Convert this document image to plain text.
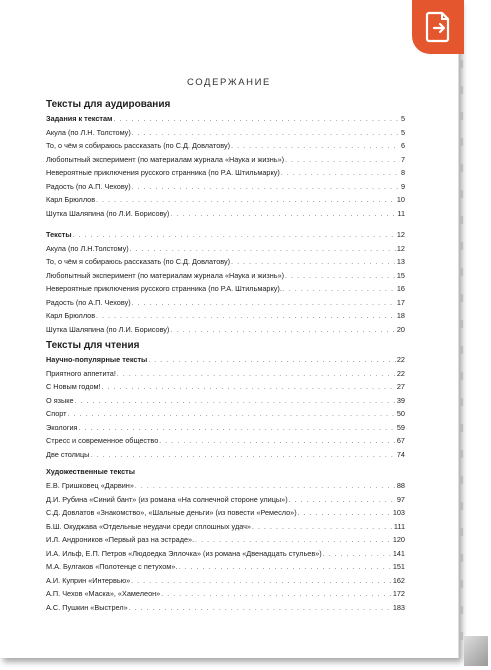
СОДЕРЖАНИЕ
Тексты для аудирования
Задания к текстам . . .	5
Акула (по Л.Н. Толстому) . . .	5
То, о чём я собираюсь рассказать (по С.Д. Довлатову) . . .	6
Любопытный эксперимент (по материалам журнала «Наука и жизнь») . . .	7
Невероятные приключения русского странника (по Р.А. Штильмарку) . . .	8
Радость (по А.П. Чехову) . . .	9
Карл Брюллов . . .	10
Шутка Шаляпина (по Л.И. Борисову) . . .	11
Тексты . . .	12
Акула (по Л.Н.Толстому) . . .	12
То, о чём я собираюсь рассказать (по С.Д. Довлатову) . . .	13
Любопытный эксперимент (по материалам журнала «Наука и жизнь») . . .	15
Невероятные приключения русского странника (по Р.А. Штильмарку). . . .	16
Радость (по А.П. Чехову) . . .	17
Карл Брюллов . . .	18
Шутка Шаляпина (по Л.И. Борисову) . . .	20
Тексты для чтения
Научно-популярные тексты . . .	22
Приятного аппетита! . . .	22
С Новым годом! . . .	27
О языке . . .	39
Спорт . . .	50
Экология . . .	59
Стресс и современное общество . . .	67
Две столицы . . .	74
Художественные тексты
Е.В. Гришковец «Дарвин» . . .	88
Д.И. Рубина «Синий бант» (из романа «На солнечной стороне улицы») . . .	97
С.Д. Довлатов «Знакомство», «Шальные деньги» (из повести «Ремесло») . . .	103
Б.Ш. Окуджава «Отдельные неудачи среди сплошных удач» . . .	111
И.Л. Андроников «Первый раз на эстраде». . . .	120
И.А. Ильф, Е.П. Петров «Людоедка Эллочка» (из романа «Двенадцать стульев») . . .	141
М.А. Булгаков «Полотенце с петухом». . . .	151
А.И. Куприн «Интервью» . . .	162
А.П. Чехов «Маска», «Хамелеон» . . .	172
А.С. Пушкин «Выстрел» . . .	183
